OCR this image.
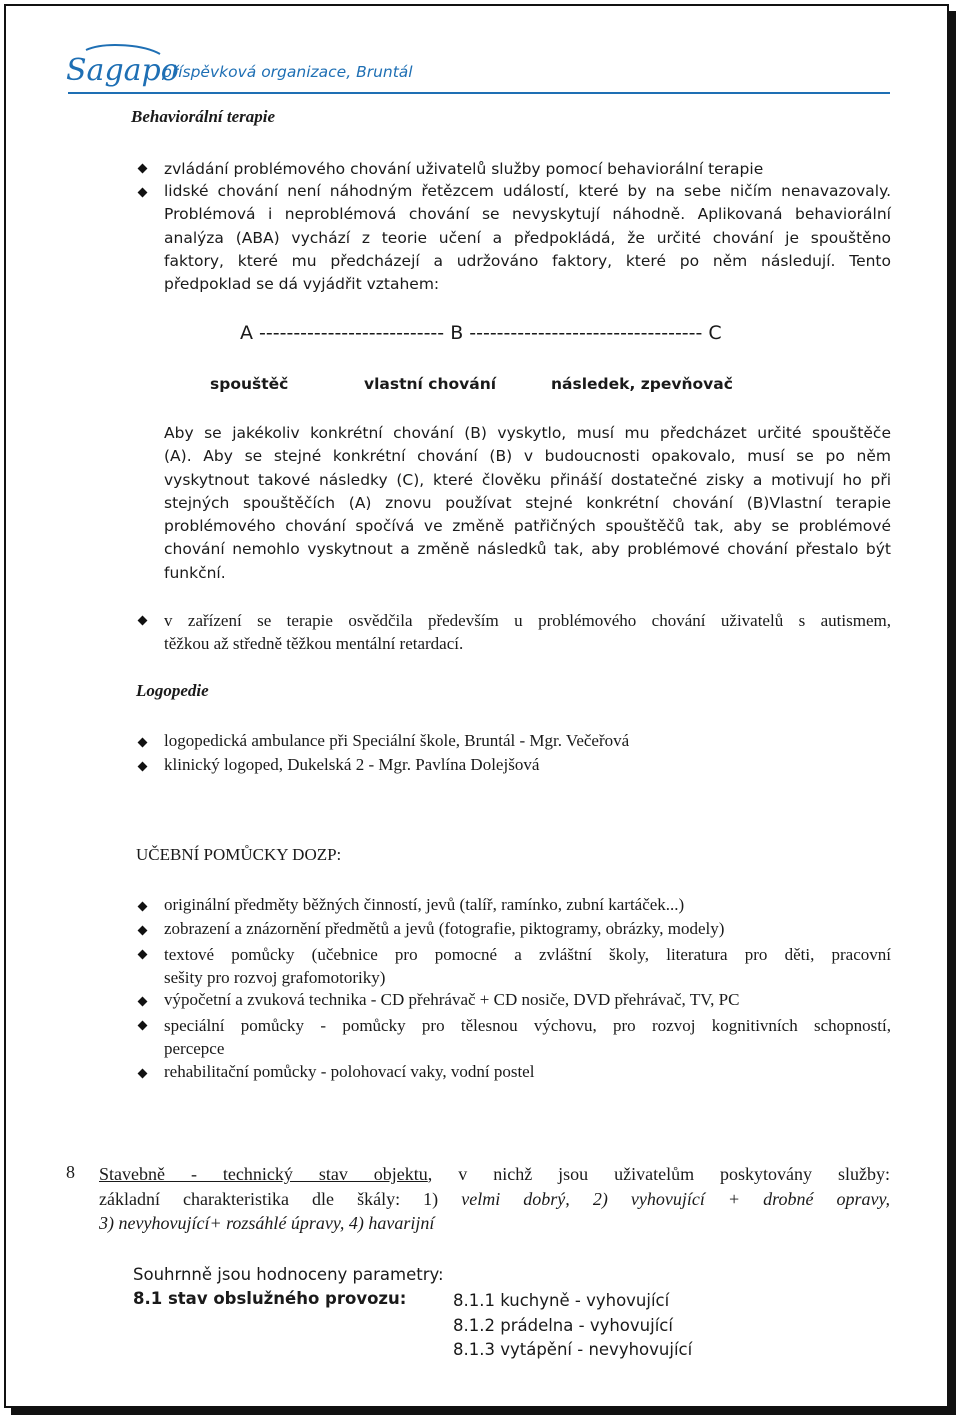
Sagapo
příspěvková organizace, Bruntál
Behaviorální terapie
zvládání problémového chování uživatelů služby pomocí behaviorální terapie
lidské chování není náhodným řetězcem událostí, které by na sebe ničím nenavazovaly.
Problémová i neproblémová chování se nevyskytují náhodně. Aplikovaná behaviorální
analýza (ABA) vychází z teorie učení a předpokládá, že určité chování je spouštěno
faktory, které mu předcházejí a udržováno faktory, které po něm následují. Tento
předpoklad se dá vyjádřit vztahem:
A --------------------------- B ---------------------------------- C
spouštěč	vlastní chování	následek, zpevňovač
Aby se jakékoliv konkrétní chování (B) vyskytlo, musí mu předcházet určité spouštěče
(A). Aby se stejné konkrétní chování (B) v budoucnosti opakovalo, musí se po něm
vyskytnout takové následky (C), které člověku přináší dostatečné zisky a motivují ho při
stejných spouštěčích (A) znovu používat stejné konkrétní chování (B)Vlastní terapie
problémového chování spočívá ve změně patřičných spouštěčů tak, aby se problémové
chování nemohlo vyskytnout a změně následků tak, aby problémové chování přestalo být
funkční.
v zařízení se terapie osvědčila především u problémového chování uživatelů s autismem,
těžkou až středně těžkou mentální retardací.
Logopedie
logopedická ambulance při Speciální škole, Bruntál - Mgr. Večeřová
klinický logoped, Dukelská 2 - Mgr. Pavlína Dolejšová
UČEBNÍ POMŮCKY DOZP:
originální předměty běžných činností, jevů (talíř, ramínko, zubní kartáček...)
zobrazení a znázornění předmětů a jevů (fotografie, piktogramy, obrázky, modely)
textové pomůcky (učebnice pro pomocné a zvláštní školy, literatura pro děti, pracovní
sešity pro rozvoj grafomotoriky)
výpočetní a zvuková technika - CD přehrávač + CD nosiče, DVD přehrávač, TV, PC
speciální pomůcky - pomůcky pro tělesnou výchovu, pro rozvoj kognitivních schopností,
percepce
rehabilitační pomůcky - polohovací vaky, vodní postel
8 Stavebně - technický stav objektu, v nichž jsou uživatelům poskytovány služby:
základní charakteristika dle škály: 1) velmi dobrý, 2) vyhovující + drobné opravy,
3) nevyhovující+ rozsáhlé úpravy, 4) havarijní
Souhrnně jsou hodnoceny parametry:
8.1 stav obslužného provozu:	8.1.1 kuchyně - vyhovující
8.1.2 prádelna - vyhovující
8.1.3 vytápění - nevyhovující
